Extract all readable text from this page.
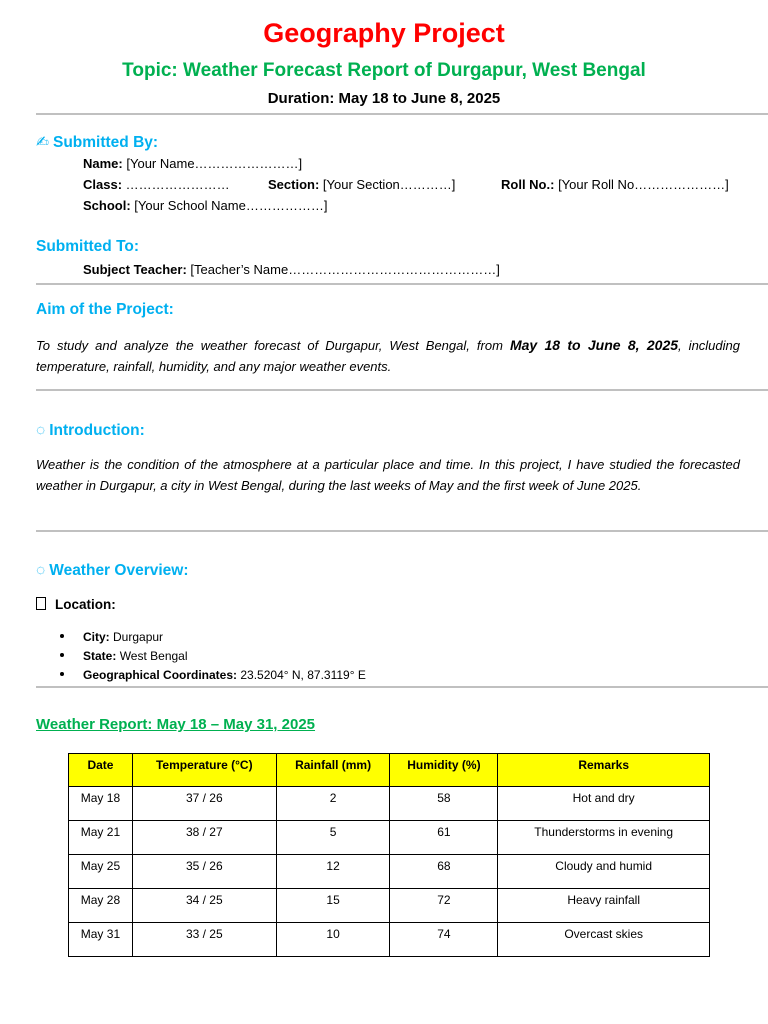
Geography Project
Topic: Weather Forecast Report of Durgapur, West Bengal
Duration: May 18 to June 8, 2025
✍ Submitted By:
Name: [Your Name……………………]
Class: ……………………	Section: [Your Section…………]	Roll No.: [Your Roll No…………………]
School: [Your School Name………………]
Submitted To:
Subject Teacher: [Teacher’s Name…………………………………………]
Aim of the Project:
To study and analyze the weather forecast of Durgapur, West Bengal, from May 18 to June 8, 2025, including temperature, rainfall, humidity, and any major weather events.
◌ Introduction:
Weather is the condition of the atmosphere at a particular place and time. In this project, I have studied the forecasted weather in Durgapur, a city in West Bengal, during the last weeks of May and the first week of June 2025.
◌ Weather Overview:
Location:
City: Durgapur
State: West Bengal
Geographical Coordinates: 23.5204° N, 87.3119° E
Weather Report: May 18 – May 31, 2025
Date	Temperature (°C)	Rainfall (mm)	Humidity (%)	Remarks
May 18	37 / 26	2	58	Hot and dry
May 21	38 / 27	5	61	Thunderstorms in evening
May 25	35 / 26	12	68	Cloudy and humid
May 28	34 / 25	15	72	Heavy rainfall
May 31	33 / 25	10	74	Overcast skies
